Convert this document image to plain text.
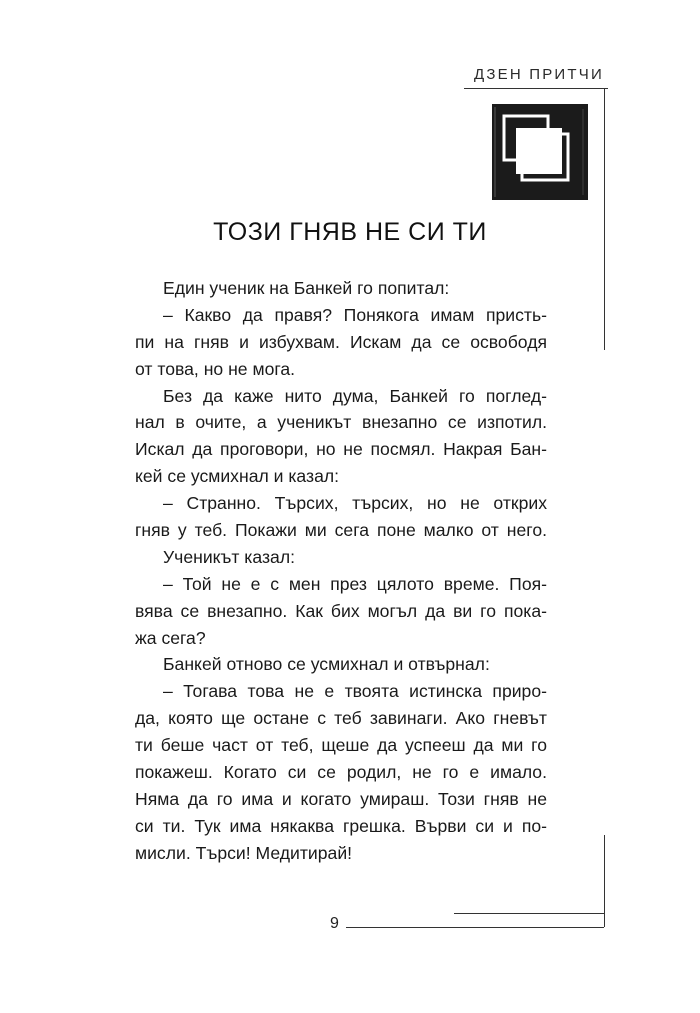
ДЗЕН ПРИТЧИ
ТОЗИ ГНЯВ НЕ СИ ТИ
Един ученик на Банкей го попитал:
– Какво да правя? Понякога имам присть-
пи на гняв и избухвам. Искам да се освободя
от това, но не мога.
Без да каже нито дума, Банкей го поглед-
нал в очите, а ученикът внезапно се изпотил.
Искал да проговори, но не посмял. Накрая Бан-
кей се усмихнал и казал:
– Странно. Търсих, търсих, но не открих
гняв у теб. Покажи ми сега поне малко от него.
Ученикът казал:
– Той не е с мен през цялото време. Поя-
вява се внезапно. Как бих могъл да ви го пока-
жа сега?
Банкей отново се усмихнал и отвърнал:
– Тогава това не е твоята истинска приро-
да, която ще остане с теб завинаги. Ако гневът
ти беше част от теб, щеше да успееш да ми го
покажеш. Когато си се родил, не го е имало.
Няма да го има и когато умираш. Този гняв не
си ти. Тук има някаква грешка. Върви си и по-
мисли. Търси! Медитирай!
9
